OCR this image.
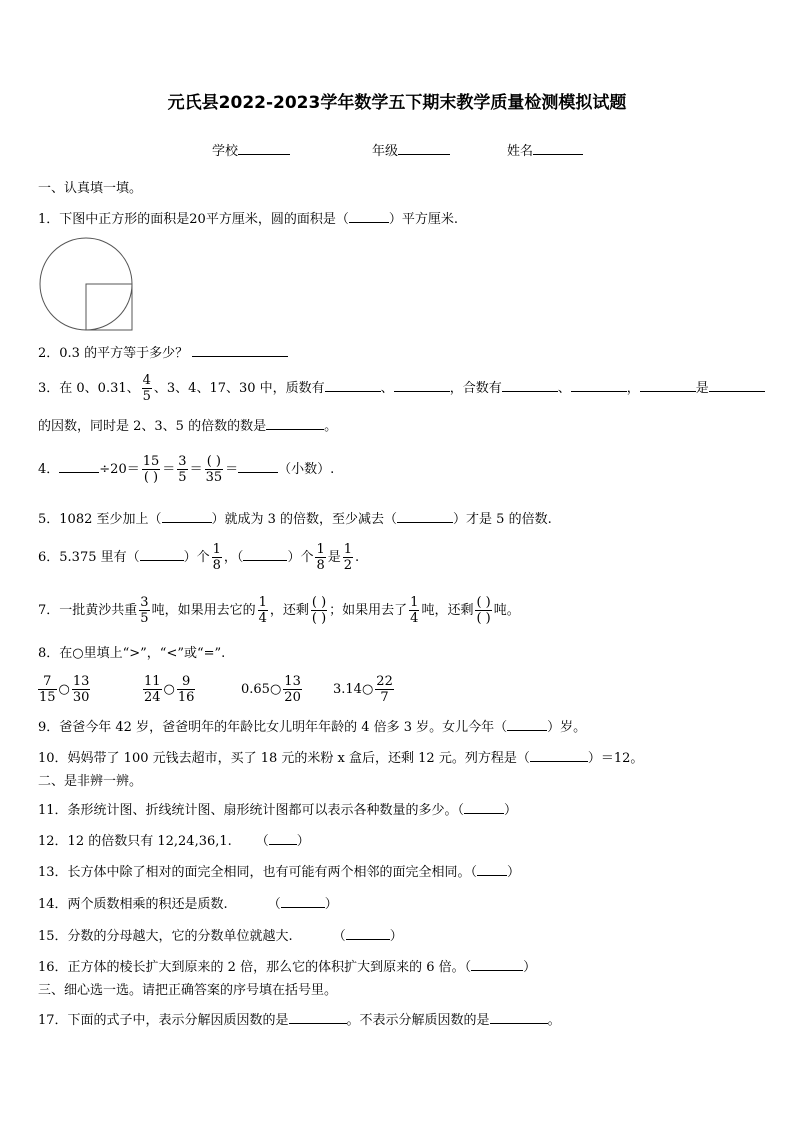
元氏县2022-2023学年数学五下期末教学质量检测模拟试题
学校	年级	姓名
一、认真填一填。
1．下图中正方形的面积是20平方厘米，圆的面积是（	）平方厘米.
2．0.3 的平方等于多少？
3．在 0、0.31、 $\frac{4}{5}$ 、3、4、17、30 中，质数有	、	，合数有	、	，	是
的因数，同时是 2、3、5 的倍数的数是	。
4．	$\div 20= \frac{15}{( )} = \frac{3}{5} = \frac{( )}{35}$ ＝	（小数）.
5．1082 至少加上（	）就成为 3 的倍数，至少减去（	）才是 5 的倍数.
6．5.375 里有（	）个 $\frac{1}{8}$ ，（	）个 $\frac{1}{8}$ 是 $\frac{1}{2}$ .
7．一批黄沙共重 $\frac{3}{5}$ 吨，如果用去它的 $\frac{1}{4}$ ，还剩 $\frac{( )}{( )}$ ；如果用去了 $\frac{1}{4}$ 吨，还剩 $\frac{( )}{( )}$ 吨。
8．在○里填上“>”，“<”或“=”.
$\frac{7}{15}$ ○ $\frac{13}{30}$	$\frac{11}{24}$ ○ $\frac{9}{16}$	0.65○ $\frac{13}{20}$ 3.14○ $\frac{22}{7}$
9．爸爸今年 42 岁，爸爸明年的年龄比女儿明年年龄的 4 倍多 3 岁。女儿今年（	）岁。
10．妈妈带了 100 元钱去超市，买了 18 元的米粉 x 盒后，还剩 12 元。列方程是（	）＝12。
二、是非辨一辨。
11．条形统计图、折线统计图、扇形统计图都可以表示各种数量的多少。（	）
12．12 的倍数只有 12,24,36,1. （ ）
13．长方体中除了相对的面完全相同，也有可能有两个相邻的面完全相同。（ ）
14．两个质数相乘的积还是质数.	（	）
15．分数的分母越大，它的分数单位就越大.	（	）
16．正方体的棱长扩大到原来的 2 倍，那么它的体积扩大到原来的 6 倍。（	）
三、细心选一选。请把正确答案的序号填在括号里。
17．下面的式子中，表示分解因质因数的是	。不表示分解质因数的是	。
